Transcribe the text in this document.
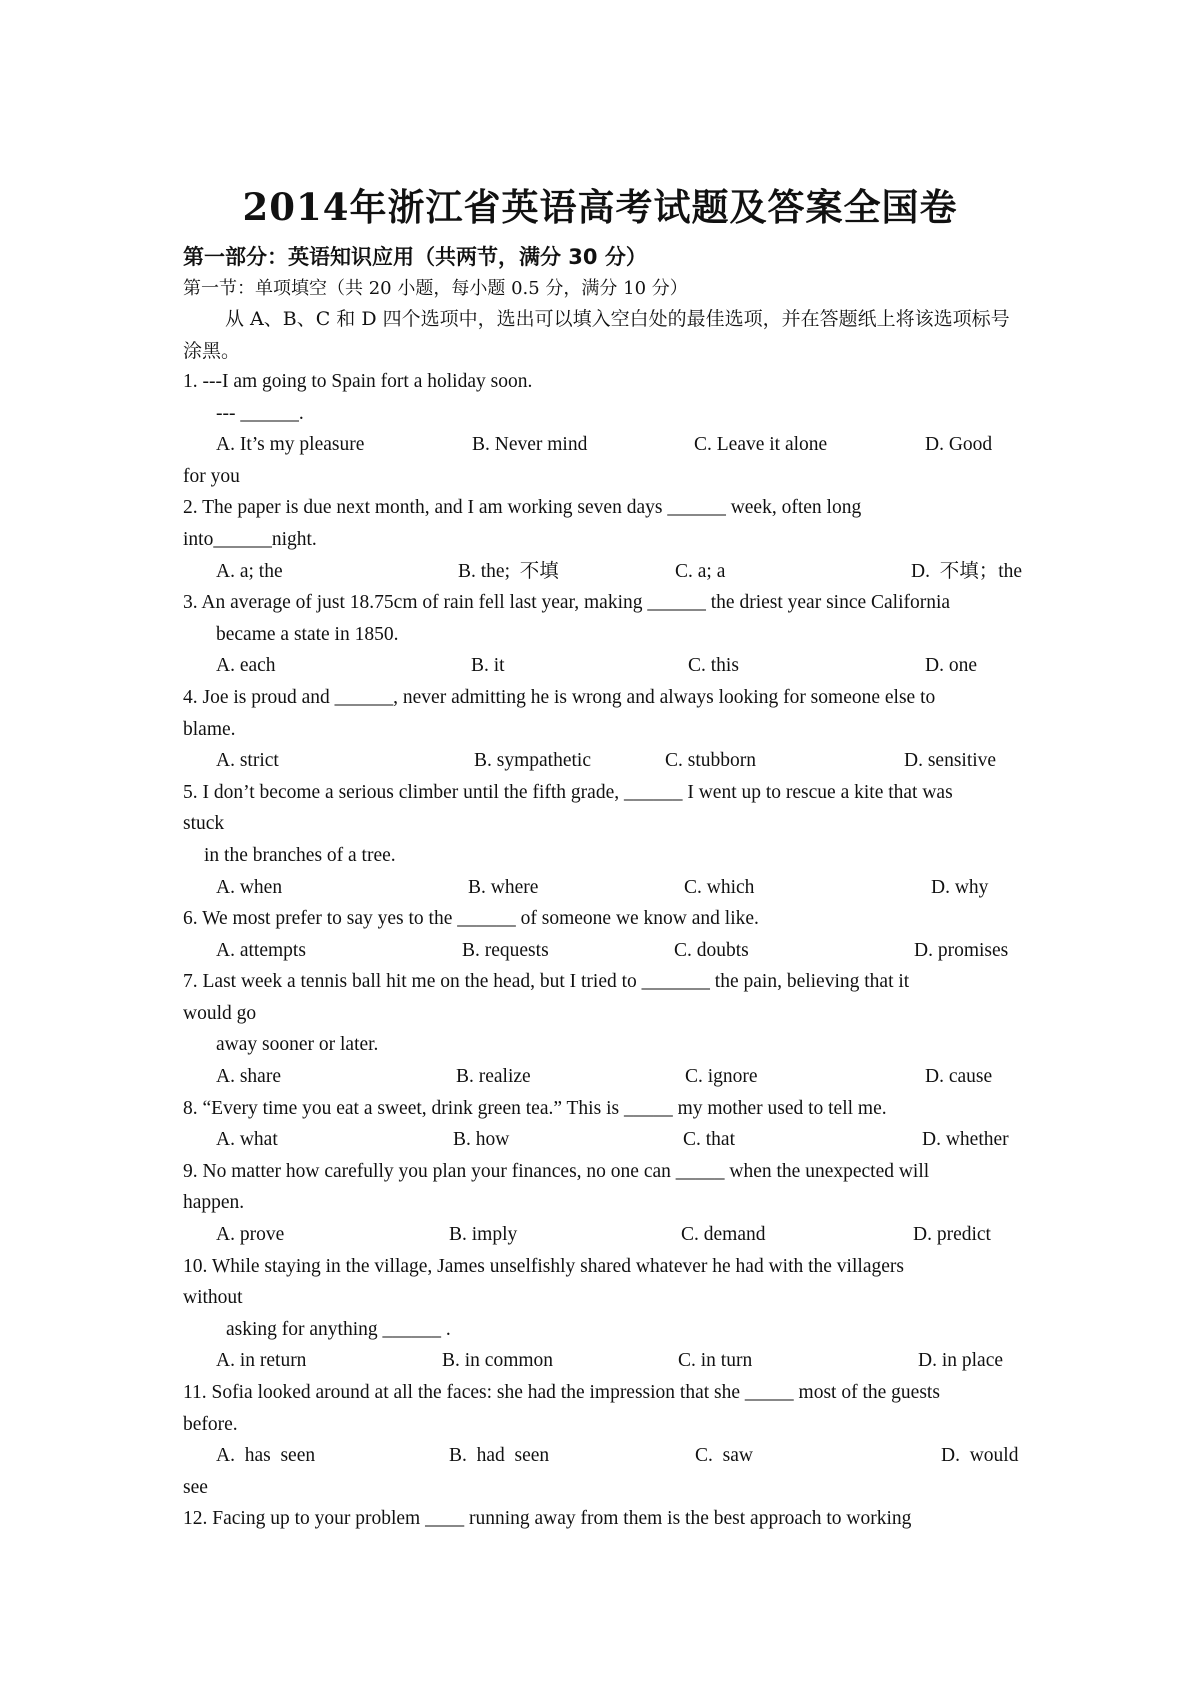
2014年浙江省英语高考试题及答案全国卷
第一部分：英语知识应用（共两节，满分 30 分）
第一节：单项填空（共 20 小题，每小题 0.5 分，满分 10 分）
从 A、B、C 和 D 四个选项中，选出可以填入空白处的最佳选项，并在答题纸上将该选项标号涂黑。
1. ---I am going to Spain fort a holiday soon.
--- ______.
A. It’s my pleasure	B. Never mind	C. Leave it alone	D. Good
for you
2. The paper is due next month, and I am working seven days ______ week, often long
into______night.
A. a; the	B. the;  不填	C. a; a	D.  不填；the
3. An average of just 18.75cm of rain fell last year, making ______ the driest year since California
became a state in 1850.
A. each	B. it	C. this	D. one
4. Joe is proud and ______, never admitting he is wrong and always looking for someone else to
blame.
A. strict	B. sympathetic	C. stubborn	D. sensitive
5. I don’t become a serious climber until the fifth grade, ______ I went up to rescue a kite that was
stuck
in the branches of a tree.
A. when	B. where	C. which	D. why
6. We most prefer to say yes to the ______ of someone we know and like.
A. attempts	B. requests	C. doubts	D. promises
7. Last week a tennis ball hit me on the head, but I tried to _______ the pain, believing that it
would go
away sooner or later.
A. share	B. realize	C. ignore	D. cause
8. “Every time you eat a sweet, drink green tea.” This is _____ my mother used to tell me.
A. what	B. how	C. that	D. whether
9. No matter how carefully you plan your finances, no one can _____ when the unexpected will
happen.
A. prove	B. imply	C. demand	D. predict
10. While staying in the village, James unselfishly shared whatever he had with the villagers
without
asking for anything ______ .
A. in return	B. in common	C. in turn	D. in place
11. Sofia looked around at all the faces: she had the impression that she _____ most of the guests
before.
A.  has  seen	B.  had  seen	C.  saw	D.  would
see
12. Facing up to your problem ____ running away from them is the best approach to working
